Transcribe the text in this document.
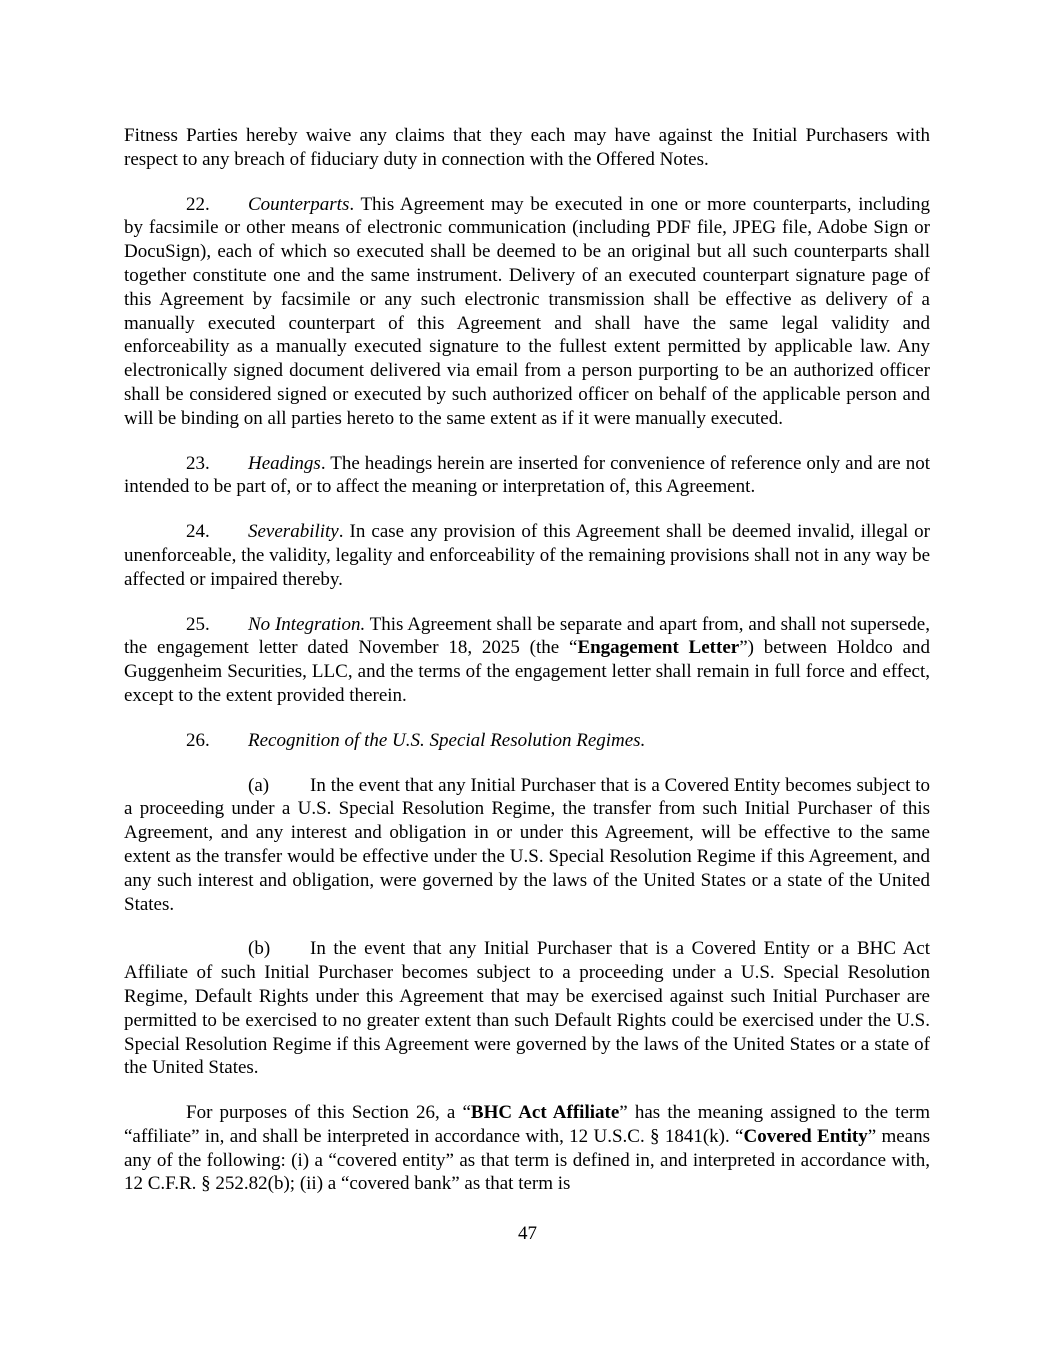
Fitness Parties hereby waive any claims that they each may have against the Initial Purchasers with respect to any breach of fiduciary duty in connection with the Offered Notes.

22. Counterparts. This Agreement may be executed in one or more counterparts, including by facsimile or other means of electronic communication (including PDF file, JPEG file, Adobe Sign or DocuSign), each of which so executed shall be deemed to be an original but all such counterparts shall together constitute one and the same instrument. Delivery of an executed counterpart signature page of this Agreement by facsimile or any such electronic transmission shall be effective as delivery of a manually executed counterpart of this Agreement and shall have the same legal validity and enforceability as a manually executed signature to the fullest extent permitted by applicable law. Any electronically signed document delivered via email from a person purporting to be an authorized officer shall be considered signed or executed by such authorized officer on behalf of the applicable person and will be binding on all parties hereto to the same extent as if it were manually executed.

23. Headings. The headings herein are inserted for convenience of reference only and are not intended to be part of, or to affect the meaning or interpretation of, this Agreement.

24. Severability. In case any provision of this Agreement shall be deemed invalid, illegal or unenforceable, the validity, legality and enforceability of the remaining provisions shall not in any way be affected or impaired thereby.

25. No Integration. This Agreement shall be separate and apart from, and shall not supersede, the engagement letter dated November 18, 2025 (the “Engagement Letter”) between Holdco and Guggenheim Securities, LLC, and the terms of the engagement letter shall remain in full force and effect, except to the extent provided therein.

26. Recognition of the U.S. Special Resolution Regimes.

(a) In the event that any Initial Purchaser that is a Covered Entity becomes subject to a proceeding under a U.S. Special Resolution Regime, the transfer from such Initial Purchaser of this Agreement, and any interest and obligation in or under this Agreement, will be effective to the same extent as the transfer would be effective under the U.S. Special Resolution Regime if this Agreement, and any such interest and obligation, were governed by the laws of the United States or a state of the United States.

(b) In the event that any Initial Purchaser that is a Covered Entity or a BHC Act Affiliate of such Initial Purchaser becomes subject to a proceeding under a U.S. Special Resolution Regime, Default Rights under this Agreement that may be exercised against such Initial Purchaser are permitted to be exercised to no greater extent than such Default Rights could be exercised under the U.S. Special Resolution Regime if this Agreement were governed by the laws of the United States or a state of the United States.

For purposes of this Section 26, a “BHC Act Affiliate” has the meaning assigned to the term “affiliate” in, and shall be interpreted in accordance with, 12 U.S.C. § 1841(k). “Covered Entity” means any of the following: (i) a “covered entity” as that term is defined in, and interpreted in accordance with, 12 C.F.R. § 252.82(b); (ii) a “covered bank” as that term is

47
